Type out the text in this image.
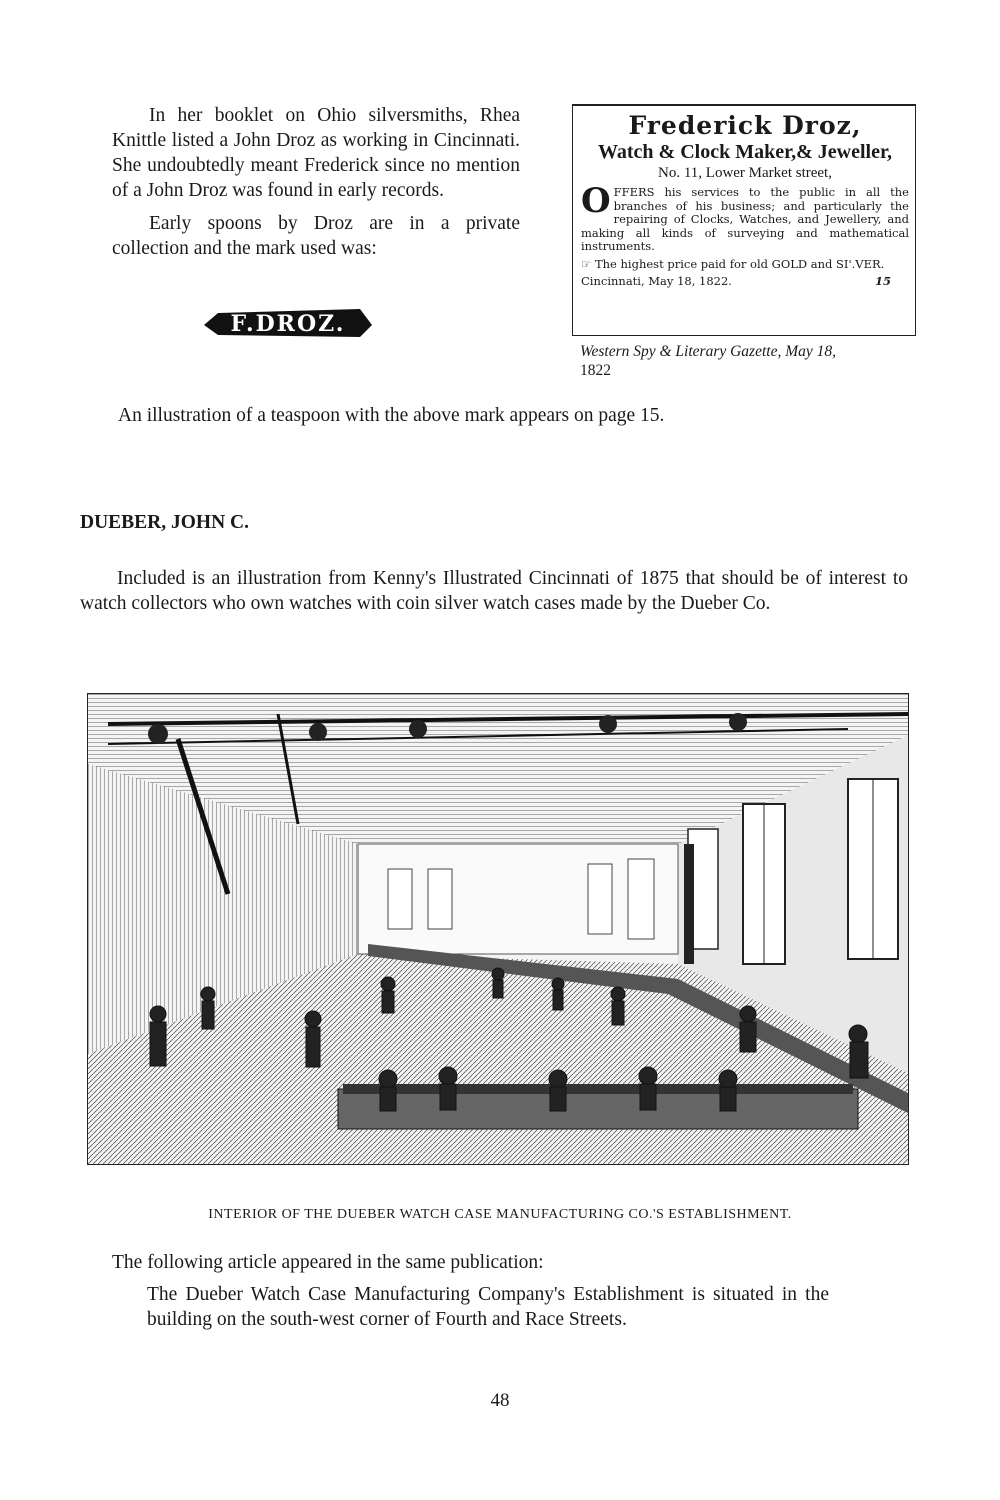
In her booklet on Ohio silversmiths, Rhea Knittle listed a John Droz as working in Cincinnati. She undoubtedly meant Frederick since no mention of a John Droz was found in early records.

Early spoons by Droz are in a private collection and the mark used was:

F.DROZ.
Frederick Droz,
Watch & Clock Maker,& Jeweller,
No. 11, Lower Market street,
O FFERS his services to the public in all the branches of his business; and particularly the repairing of Clocks, Watches, and Jewellery, and making all kinds of surveying and mathematical instruments.
☞ The highest price paid for old GOLD and SI'.VER.
Cincinnati, May 18, 1822.	15
Western Spy & Literary Gazette, May 18,
1822
An illustration of a teaspoon with the above mark appears on page 15.
DUEBER, JOHN C.
Included is an illustration from Kenny's Illustrated Cincinnati of 1875 that should be of interest to watch collectors who own watches with coin silver watch cases made by the Dueber Co.
INTERIOR OF THE DUEBER WATCH CASE MANUFACTURING CO.'S ESTABLISHMENT.
The following article appeared in the same publication:
The Dueber Watch Case Manufacturing Company's Establishment is situated in the building on the south-west corner of Fourth and Race Streets.
48
